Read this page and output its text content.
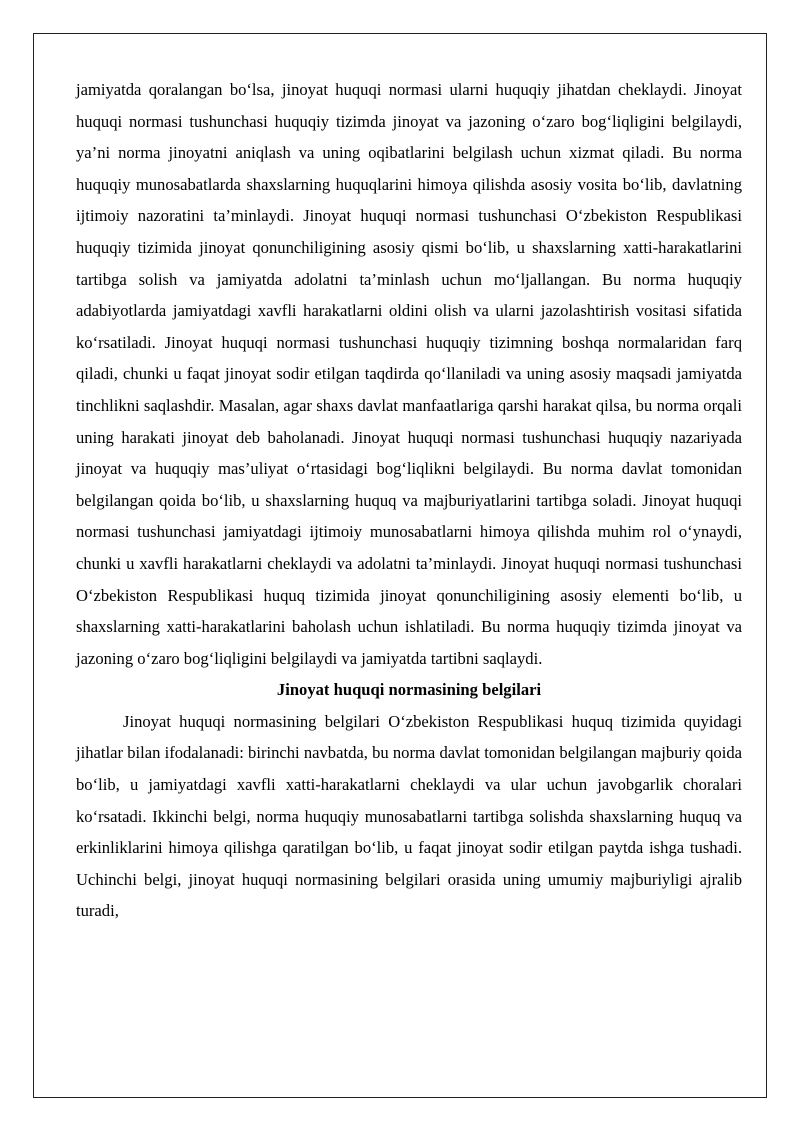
jamiyatda qoralangan bo‘lsa, jinoyat huquqi normasi ularni huquqiy jihatdan cheklaydi. Jinoyat huquqi normasi tushunchasi huquqiy tizimda jinoyat va jazoning o‘zaro bog‘liqligini belgilaydi, ya’ni norma jinoyatni aniqlash va uning oqibatlarini belgilash uchun xizmat qiladi. Bu norma huquqiy munosabatlarda shaxslarning huquqlarini himoya qilishda asosiy vosita bo‘lib, davlatning ijtimoiy nazoratini ta’minlaydi. Jinoyat huquqi normasi tushunchasi O‘zbekiston Respublikasi huquqiy tizimida jinoyat qonunchiligining asosiy qismi bo‘lib, u shaxslarning xatti-harakatlarini tartibga solish va jamiyatda adolatni ta’minlash uchun mo‘ljallangan. Bu norma huquqiy adabiyotlarda jamiyatdagi xavfli harakatlarni oldini olish va ularni jazolashtirish vositasi sifatida ko‘rsatiladi. Jinoyat huquqi normasi tushunchasi huquqiy tizimning boshqa normalaridan farq qiladi, chunki u faqat jinoyat sodir etilgan taqdirda qo‘llaniladi va uning asosiy maqsadi jamiyatda tinchlikni saqlashdir. Masalan, agar shaxs davlat manfaatlariga qarshi harakat qilsa, bu norma orqali uning harakati jinoyat deb baholanadi. Jinoyat huquqi normasi tushunchasi huquqiy nazariyada jinoyat va huquqiy mas’uliyat o‘rtasidagi bog‘liqlikni belgilaydi. Bu norma davlat tomonidan belgilangan qoida bo‘lib, u shaxslarning huquq va majburiyatlarini tartibga soladi. Jinoyat huquqi normasi tushunchasi jamiyatdagi ijtimoiy munosabatlarni himoya qilishda muhim rol o‘ynaydi, chunki u xavfli harakatlarni cheklaydi va adolatni ta’minlaydi. Jinoyat huquqi normasi tushunchasi O‘zbekiston Respublikasi huquq tizimida jinoyat qonunchiligining asosiy elementi bo‘lib, u shaxslarning xatti-harakatlarini baholash uchun ishlatiladi. Bu norma huquqiy tizimda jinoyat va jazoning o‘zaro bog‘liqligini belgilaydi va jamiyatda tartibni saqlaydi.

Jinoyat huquqi normasining belgilari

Jinoyat huquqi normasining belgilari O‘zbekiston Respublikasi huquq tizimida quyidagi jihatlar bilan ifodalanadi: birinchi navbatda, bu norma davlat tomonidan belgilangan majburiy qoida bo‘lib, u jamiyatdagi xavfli xatti-harakatlarni cheklaydi va ular uchun javobgarlik choralari ko‘rsatadi. Ikkinchi belgi, norma huquqiy munosabatlarni tartibga solishda shaxslarning huquq va erkinliklarini himoya qilishga qaratilgan bo‘lib, u faqat jinoyat sodir etilgan paytda ishga tushadi. Uchinchi belgi, jinoyat huquqi normasining belgilari orasida uning umumiy majburiyligi ajralib turadi,
